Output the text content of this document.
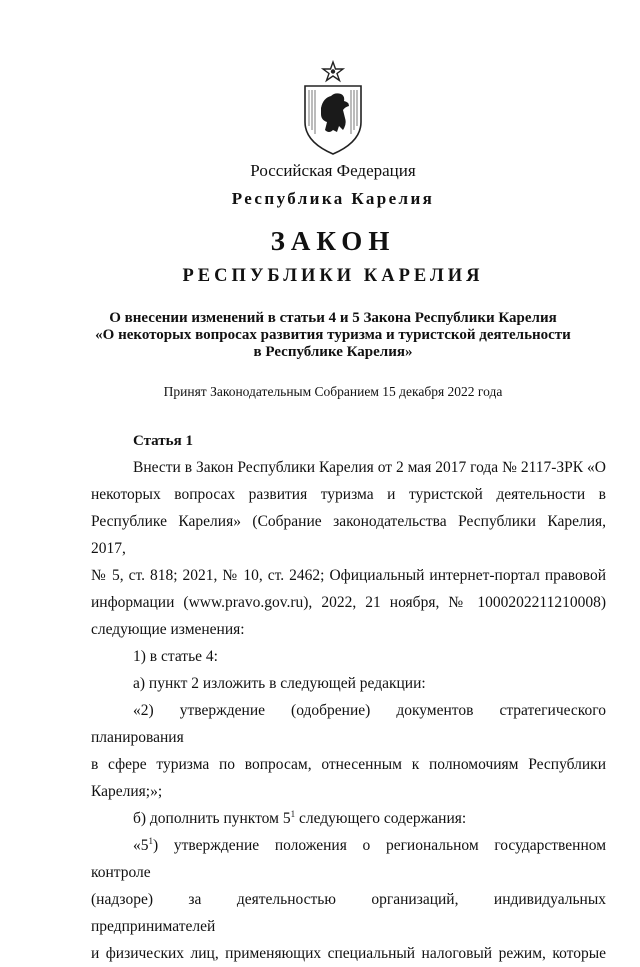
Российская Федерация
Республика Карелия
ЗАКОН
РЕСПУБЛИКИ КАРЕЛИЯ
О внесении изменений в статьи 4 и 5 Закона Республики Карелия
«О некоторых вопросах развития туризма и туристской деятельности
в Республике Карелия»
Принят Законодательным Собранием 15 декабря 2022 года
Статья 1

Внести в Закон Республики Карелия от 2 мая 2017 года № 2117-ЗРК «О

некоторых вопросах развития туризма и туристской деятельности в

Республике Карелия» (Собрание законодательства Республики Карелия, 2017,

№ 5, ст. 818; 2021, № 10, ст. 2462; Официальный интернет-портал правовой

информации (www.pravo.gov.ru), 2022, 21 ноября, № 1000202211210008)

следующие изменения:

1) в статье 4:

а) пункт 2 изложить в следующей редакции:

«2) утверждение (одобрение) документов стратегического планирования

в сфере туризма по вопросам, отнесенным к полномочиям Республики

Карелия;»;

б) дополнить пунктом $5^1$ следующего содержания:

«$5^1$) утверждение положения о региональном государственном контроле

(надзоре) за деятельностью организаций, индивидуальных предпринимателей

и физических лиц, применяющих специальный налоговый режим, которые
